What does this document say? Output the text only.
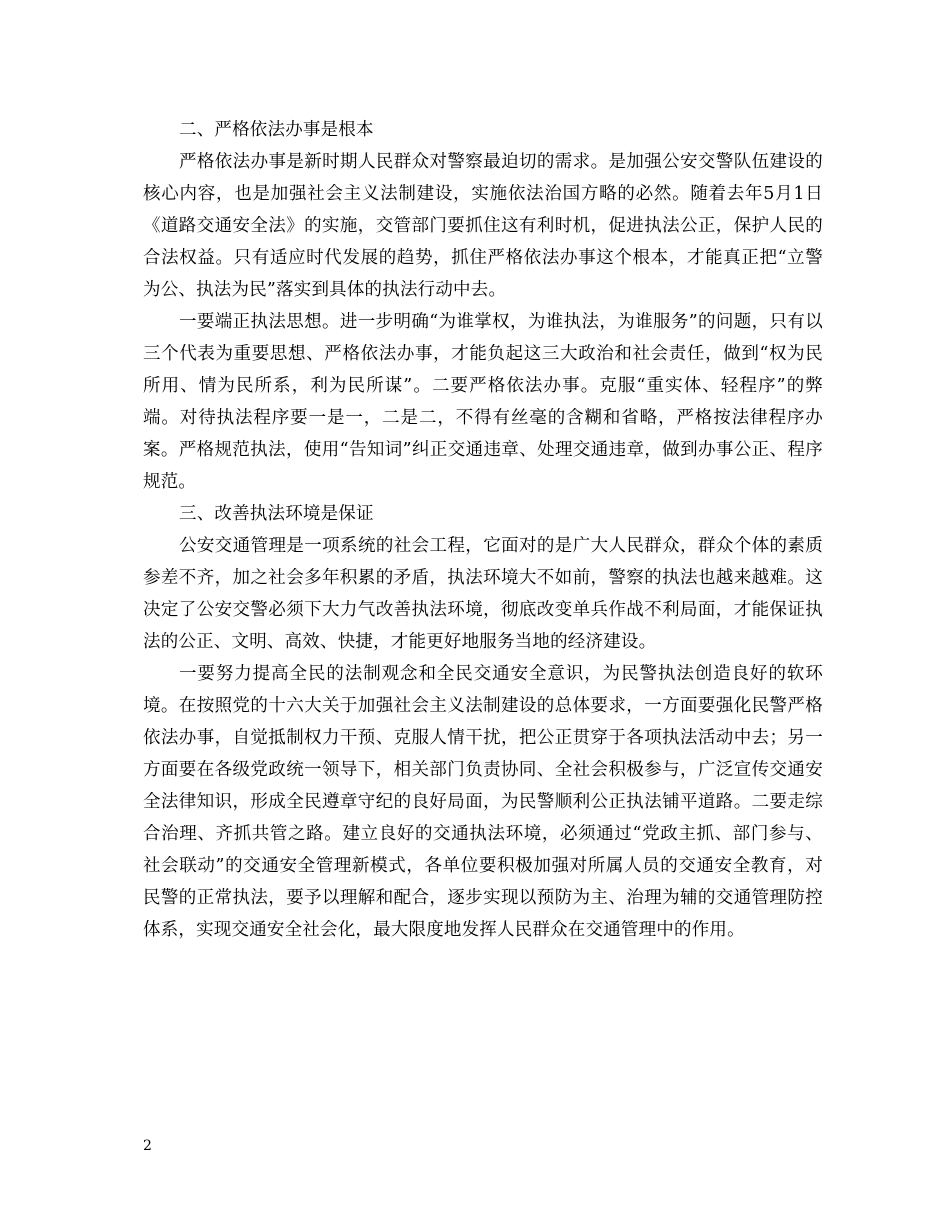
二、严格依法办事是根本

严格依法办事是新时期人民群众对警察最迫切的需求。是加强公安交警队伍建设的核心内容，也是加强社会主义法制建设，实施依法治国方略的必然。随着去年5月1日《道路交通安全法》的实施，交管部门要抓住这有利时机，促进执法公正，保护人民的合法权益。只有适应时代发展的趋势，抓住严格依法办事这个根本，才能真正把“立警为公、执法为民”落实到具体的执法行动中去。

一要端正执法思想。进一步明确“为谁掌权，为谁执法，为谁服务”的问题，只有以三个代表为重要思想、严格依法办事，才能负起这三大政治和社会责任，做到“权为民所用、情为民所系，利为民所谋”。二要严格依法办事。克服“重实体、轻程序”的弊端。对待执法程序要一是一，二是二，不得有丝毫的含糊和省略，严格按法律程序办案。严格规范执法，使用“告知词”纠正交通违章、处理交通违章，做到办事公正、程序规范。

三、改善执法环境是保证

公安交通管理是一项系统的社会工程，它面对的是广大人民群众，群众个体的素质参差不齐，加之社会多年积累的矛盾，执法环境大不如前，警察的执法也越来越难。这决定了公安交警必须下大力气改善执法环境，彻底改变单兵作战不利局面，才能保证执法的公正、文明、高效、快捷，才能更好地服务当地的经济建设。

一要努力提高全民的法制观念和全民交通安全意识，为民警执法创造良好的软环境。在按照党的十六大关于加强社会主义法制建设的总体要求，一方面要强化民警严格依法办事，自觉抵制权力干预、克服人情干扰，把公正贯穿于各项执法活动中去；另一方面要在各级党政统一领导下，相关部门负责协同、全社会积极参与，广泛宣传交通安全法律知识，形成全民遵章守纪的良好局面，为民警顺利公正执法铺平道路。二要走综合治理、齐抓共管之路。建立良好的交通执法环境，必须通过“党政主抓、部门参与、社会联动”的交通安全管理新模式，各单位要积极加强对所属人员的交通安全教育，对民警的正常执法，要予以理解和配合，逐步实现以预防为主、治理为辅的交通管理防控体系，实现交通安全社会化，最大限度地发挥人民群众在交通管理中的作用。

2
